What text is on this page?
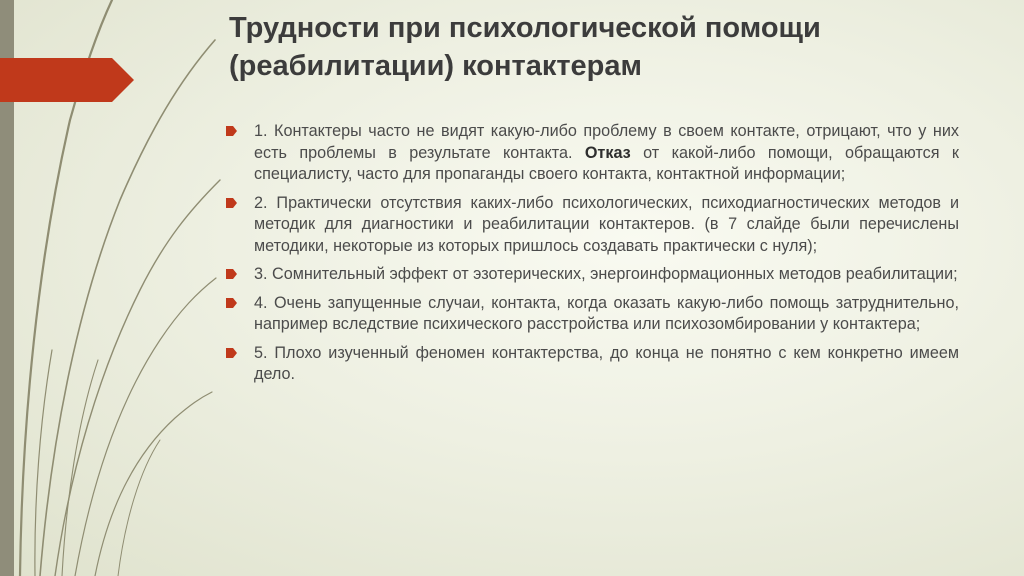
Трудности при психологической помощи (реабилитации) контактерам
1. Контактеры часто не видят какую-либо проблему в своем контакте, отрицают, что у них есть проблемы в результате контакта. Отказ от какой-либо помощи, обращаются к специалисту, часто для пропаганды своего контакта, контактной информации;
2. Практически отсутствия каких-либо психологических, психодиагностических методов и методик для диагностики и реабилитации контактеров. (в 7 слайде были перечислены методики, некоторые из которых пришлось создавать практически с нуля);
3. Сомнительный эффект от эзотерических, энергоинформационных методов реабилитации;
4. Очень запущенные случаи, контакта, когда оказать какую-либо помощь затруднительно, например вследствие психического расстройства или психозомбировании у контактера;
5. Плохо изученный феномен контактерства, до конца не понятно с кем конкретно имеем дело.
